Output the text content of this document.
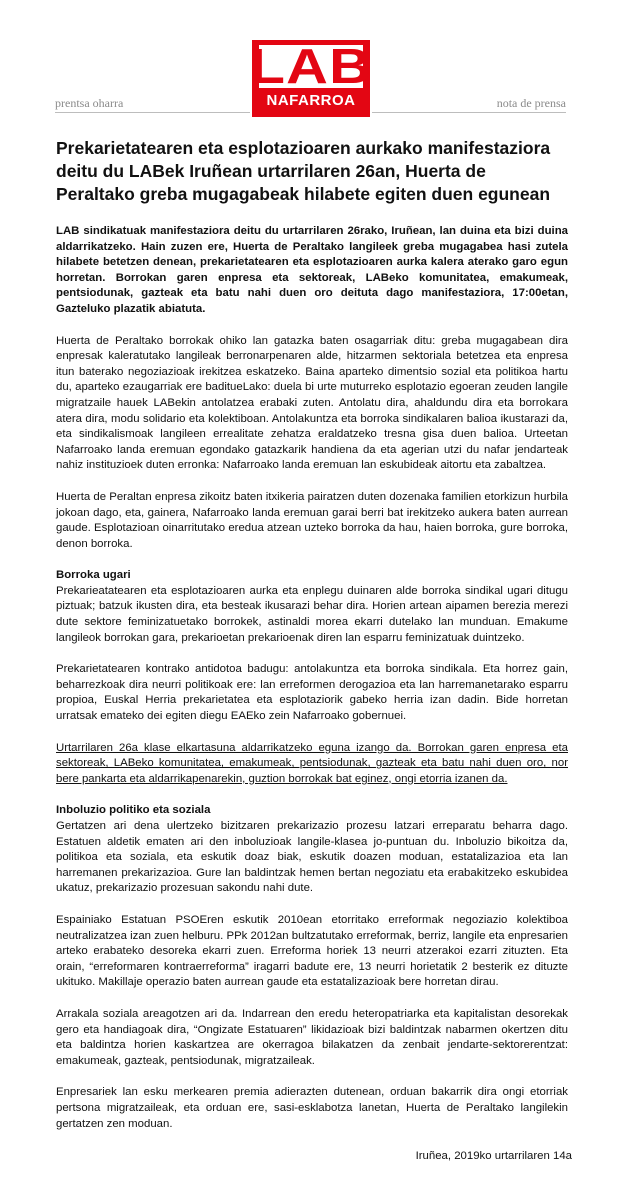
prentsa oharra
LAB
NAFARROA	nota de prensa
Prekarietatearen eta esplotazioaren aurkako manifestaziora deitu du LABek Iruñean urtarrilaren 26an, Huerta de Peraltako greba mugagabeak hilabete egiten duen egunean

LAB sindikatuak manifestaziora deitu du urtarrilaren 26rako, Iruñean, lan duina eta bizi duina aldarrikatzeko. Hain zuzen ere, Huerta de Peraltako langileek greba mugagabea hasi zutela hilabete betetzen denean, prekarietatearen eta esplotazioaren aurka kalera aterako garo egun horretan. Borrokan garen enpresa eta sektoreak, LABeko komunitatea, emakumeak, pentsiodunak, gazteak eta batu nahi duen oro deituta dago manifestaziora, 17:00etan, Gazteluko plazatik abiatuta.

Huerta de Peraltako borrokak ohiko lan gatazka baten osagarriak ditu: greba mugagabean dira enpresak kaleratutako langileak berronarpenaren alde, hitzarmen sektoriala betetzea eta enpresa itun baterako negoziazioak irekitzea eskatzeko. Baina aparteko dimentsio sozial eta politikoa hartu du, aparteko ezaugarriak ere baditueLako: duela bi urte muturreko esplotazio egoeran zeuden langile migratzaile hauek LABekin antolatzea erabaki zuten. Antolatu dira, ahaldundu dira eta borrokara atera dira, modu solidario eta kolektiboan. Antolakuntza eta borroka sindikalaren balioa ikustarazi da, eta sindikalismoak langileen errealitate zehatza eraldatzeko tresna gisa duen balioa. Urteetan Nafarroako landa eremuan egondako gatazkarik handiena da eta agerian utzi du nafar jendarteak nahiz instituzioek duten erronka: Nafarroako landa eremuan lan eskubideak aitortu eta zabaltzea.

Huerta de Peraltan enpresa zikoitz baten itxikeria pairatzen duten dozenaka familien etorkizun hurbila jokoan dago, eta, gainera, Nafarroako landa eremuan garai berri bat irekitzeko aukera baten aurrean gaude. Esplotazioan oinarritutako eredua atzean uzteko borroka da hau, haien borroka, gure borroka, denon borroka.

Borroka ugari

Prekarieatatearen eta esplotazioaren aurka eta enplegu duinaren alde borroka sindikal ugari ditugu piztuak; batzuk ikusten dira, eta besteak ikusarazi behar dira. Horien artean aipamen berezia merezi dute sektore feminizatuetako borrokek, astinaldi morea ekarri dutelako lan munduan. Emakume langileok borrokan gara, prekarioetan prekarioenak diren lan esparru feminizatuak duintzeko.

Prekarietatearen kontrako antidotoa badugu: antolakuntza eta borroka sindikala. Eta horrez gain, beharrezkoak dira neurri politikoak ere: lan erreformen derogazioa eta lan harremanetarako esparru propioa, Euskal Herria prekarietatea eta esplotaziorik gabeko herria izan dadin. Bide horretan urratsak emateko dei egiten diegu EAEko zein Nafarroako gobernuei.

Urtarrilaren 26a klase elkartasuna aldarrikatzeko eguna izango da. Borrokan garen enpresa eta sektoreak, LABeko komunitatea, emakumeak, pentsiodunak, gazteak eta batu nahi duen oro, nor bere pankarta eta aldarrikapenarekin, guztion borrokak bat eginez, ongi etorria izanen da.

Inboluzio politiko eta soziala

Gertatzen ari dena ulertzeko bizitzaren prekarizazio prozesu latzari erreparatu beharra dago. Estatuen aldetik ematen ari den inboluzioak langile-klasea jo-puntuan du. Inboluzio bikoitza da, politikoa eta soziala, eta eskutik doaz biak, eskutik doazen moduan, estatalizazioa eta lan harremanen prekarizazioa. Gure lan baldintzak hemen bertan negoziatu eta erabakitzeko eskubidea ukatuz, prekarizazio prozesuan sakondu nahi dute.

Espainiako Estatuan PSOEren eskutik 2010ean etorritako erreformak negoziazio kolektiboa neutralizatzea izan zuen helburu. PPk 2012an bultzatutako erreformak, berriz, langile eta enpresarien arteko erabateko desoreka ekarri zuen. Erreforma horiek 13 neurri atzerakoi ezarri zituzten. Eta orain, “erreformaren kontraerreforma” iragarri badute ere, 13 neurri horietatik 2 besterik ez dituzte ukituko. Makillaje operazio baten aurrean gaude eta estatalizazioak bere horretan dirau.

Arrakala soziala areagotzen ari da. Indarrean den eredu heteropatriarka eta kapitalistan desorekak gero eta handiagoak dira, “Ongizate Estatuaren” likidazioak bizi baldintzak nabarmen okertzen ditu eta baldintza horien kaskartzea are okerragoa bilakatzen da zenbait jendarte-sektorerentzat: emakumeak, gazteak, pentsiodunak, migratzaileak.

Enpresariek lan esku merkearen premia adierazten dutenean, orduan bakarrik dira ongi etorriak pertsona migratzaileak, eta orduan ere, sasi-esklabotza lanetan, Huerta de Peraltako langilekin gertatzen zen moduan.

Iruñea, 2019ko urtarrilaren 14a
